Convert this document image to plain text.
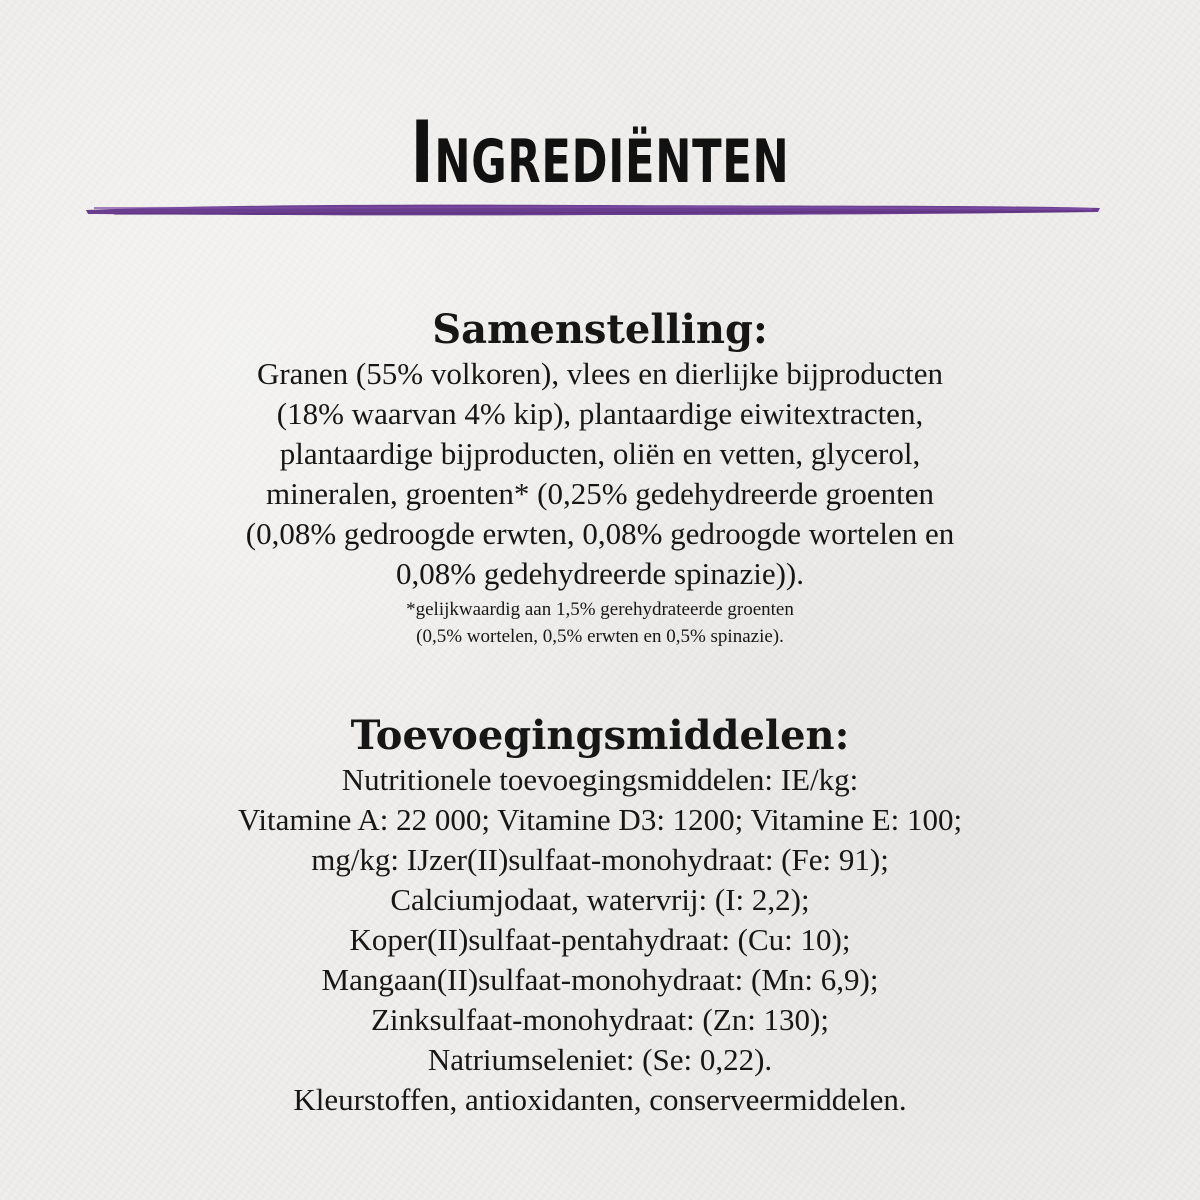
Ingrediënten
Samenstelling:

Granen (55% volkoren), vlees en dierlijke bijproducten
(18% waarvan 4% kip), plantaardige eiwitextracten,
plantaardige bijproducten, oliën en vetten, glycerol,
mineralen, groenten* (0,25% gedehydreerde groenten
(0,08% gedroogde erwten, 0,08% gedroogde wortelen en
0,08% gedehydreerde spinazie)).

*gelijkwaardig aan 1,5% gerehydrateerde groenten
(0,5% wortelen, 0,5% erwten en 0,5% spinazie).

Toevoegingsmiddelen:

Nutritionele toevoegingsmiddelen: IE/kg:
Vitamine A: 22 000; Vitamine D3: 1200; Vitamine E: 100;
mg/kg: IJzer(II)sulfaat-monohydraat: (Fe: 91);
Calciumjodaat, watervrij: (I: 2,2);
Koper(II)sulfaat-pentahydraat: (Cu: 10);
Mangaan(II)sulfaat-monohydraat: (Mn: 6,9);
Zinksulfaat-monohydraat: (Zn: 130);
Natriumseleniet: (Se: 0,22).
Kleurstoffen, antioxidanten, conserveermiddelen.
